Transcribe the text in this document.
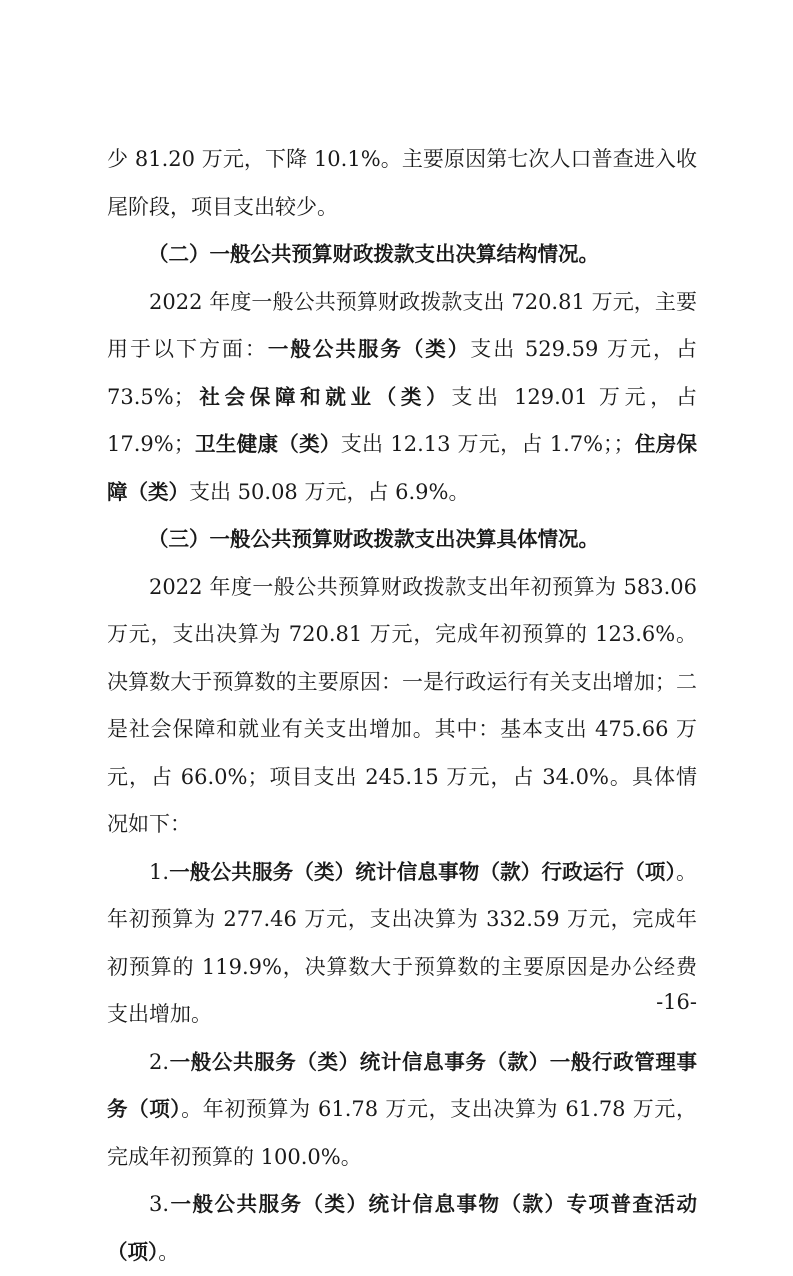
少 81.20 万元，下降 10.1%。主要原因第七次人口普查进入收尾阶段，项目支出较少。

（二）一般公共预算财政拨款支出决算结构情况。

2022 年度一般公共预算财政拨款支出 720.81 万元，主要用于以下方面：一般公共服务（类）支出 529.59 万元，占 73.5%；社会保障和就业（类）支出 129.01 万元，占 17.9%；卫生健康（类）支出 12.13 万元，占 1.7%；；住房保障（类）支出 50.08 万元，占 6.9%。

（三）一般公共预算财政拨款支出决算具体情况。

2022 年度一般公共预算财政拨款支出年初预算为 583.06 万元，支出决算为 720.81 万元，完成年初预算的 123.6%。决算数大于预算数的主要原因：一是行政运行有关支出增加；二是社会保障和就业有关支出增加。其中：基本支出 475.66 万元，占 66.0%；项目支出 245.15 万元，占 34.0%。具体情况如下：

1.一般公共服务（类）统计信息事物（款）行政运行（项）。年初预算为 277.46 万元，支出决算为 332.59 万元，完成年初预算的 119.9%，决算数大于预算数的主要原因是办公经费支出增加。

2.一般公共服务（类）统计信息事务（款）一般行政管理事务（项）。年初预算为 61.78 万元，支出决算为 61.78 万元，完成年初预算的 100.0%。

3.一般公共服务（类）统计信息事物（款）专项普查活动（项）。

-16-
